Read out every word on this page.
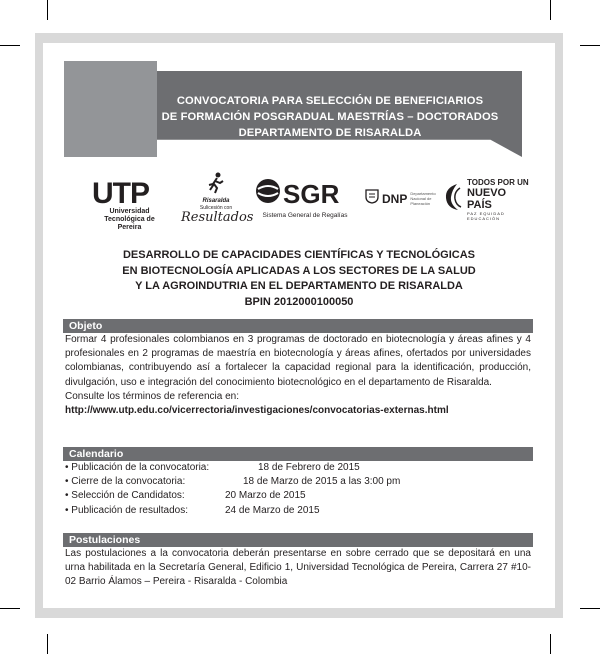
CONVOCATORIA PARA SELECCIÓN DE BENEFICIARIOS
DE FORMACIÓN POSGRADUAL MAESTRÍAS – DOCTORADOS
DEPARTAMENTO DE RISARALDA
UTP
Universidad Tecnológica de Pereira
Risaralda
Sulicesión con
Resultados
SGR
Sistema General de Regalías
DNP Departamento Nacional de Planeación
TODOS POR UN
NUEVO PAÍS
PAZ EQUIDAD EDUCACIÓN
DESARROLLO DE CAPACIDADES CIENTÍFICAS Y TECNOLÓGICAS
EN BIOTECNOLOGÍA APLICADAS A LOS SECTORES DE LA SALUD
Y LA AGROINDUTRIA EN EL DEPARTAMENTO DE RISARALDA
BPIN 2012000100050
Objeto
Formar 4 profesionales colombianos en 3 programas de doctorado en biotecnología y áreas afines y 4 profesionales en 2 programas de maestría en biotecnología y áreas afines, ofertados por universidades colombianas, contribuyendo así a fortalecer la capacidad regional para la identificación, producción, divulgación, uso e integración del conocimiento biotecnológico en el departamento de Risaralda.
Consulte los términos de referencia en:
http://www.utp.edu.co/vicerrectoria/investigaciones/convocatorias-externas.html
Calendario
• Publicación de la convocatoria:	18 de Febrero de 2015
• Cierre de la convocatoria:	18 de Marzo de 2015 a las 3:00 pm
• Selección de Candidatos:	20 Marzo de 2015
• Publicación de resultados:	24 de Marzo de 2015
Postulaciones
Las postulaciones a la convocatoria deberán presentarse en sobre cerrado que se depositará en una urna habilitada en la Secretaría General, Edificio 1, Universidad Tecnológica de Pereira, Carrera 27 #10-02 Barrio Álamos – Pereira - Risaralda - Colombia
